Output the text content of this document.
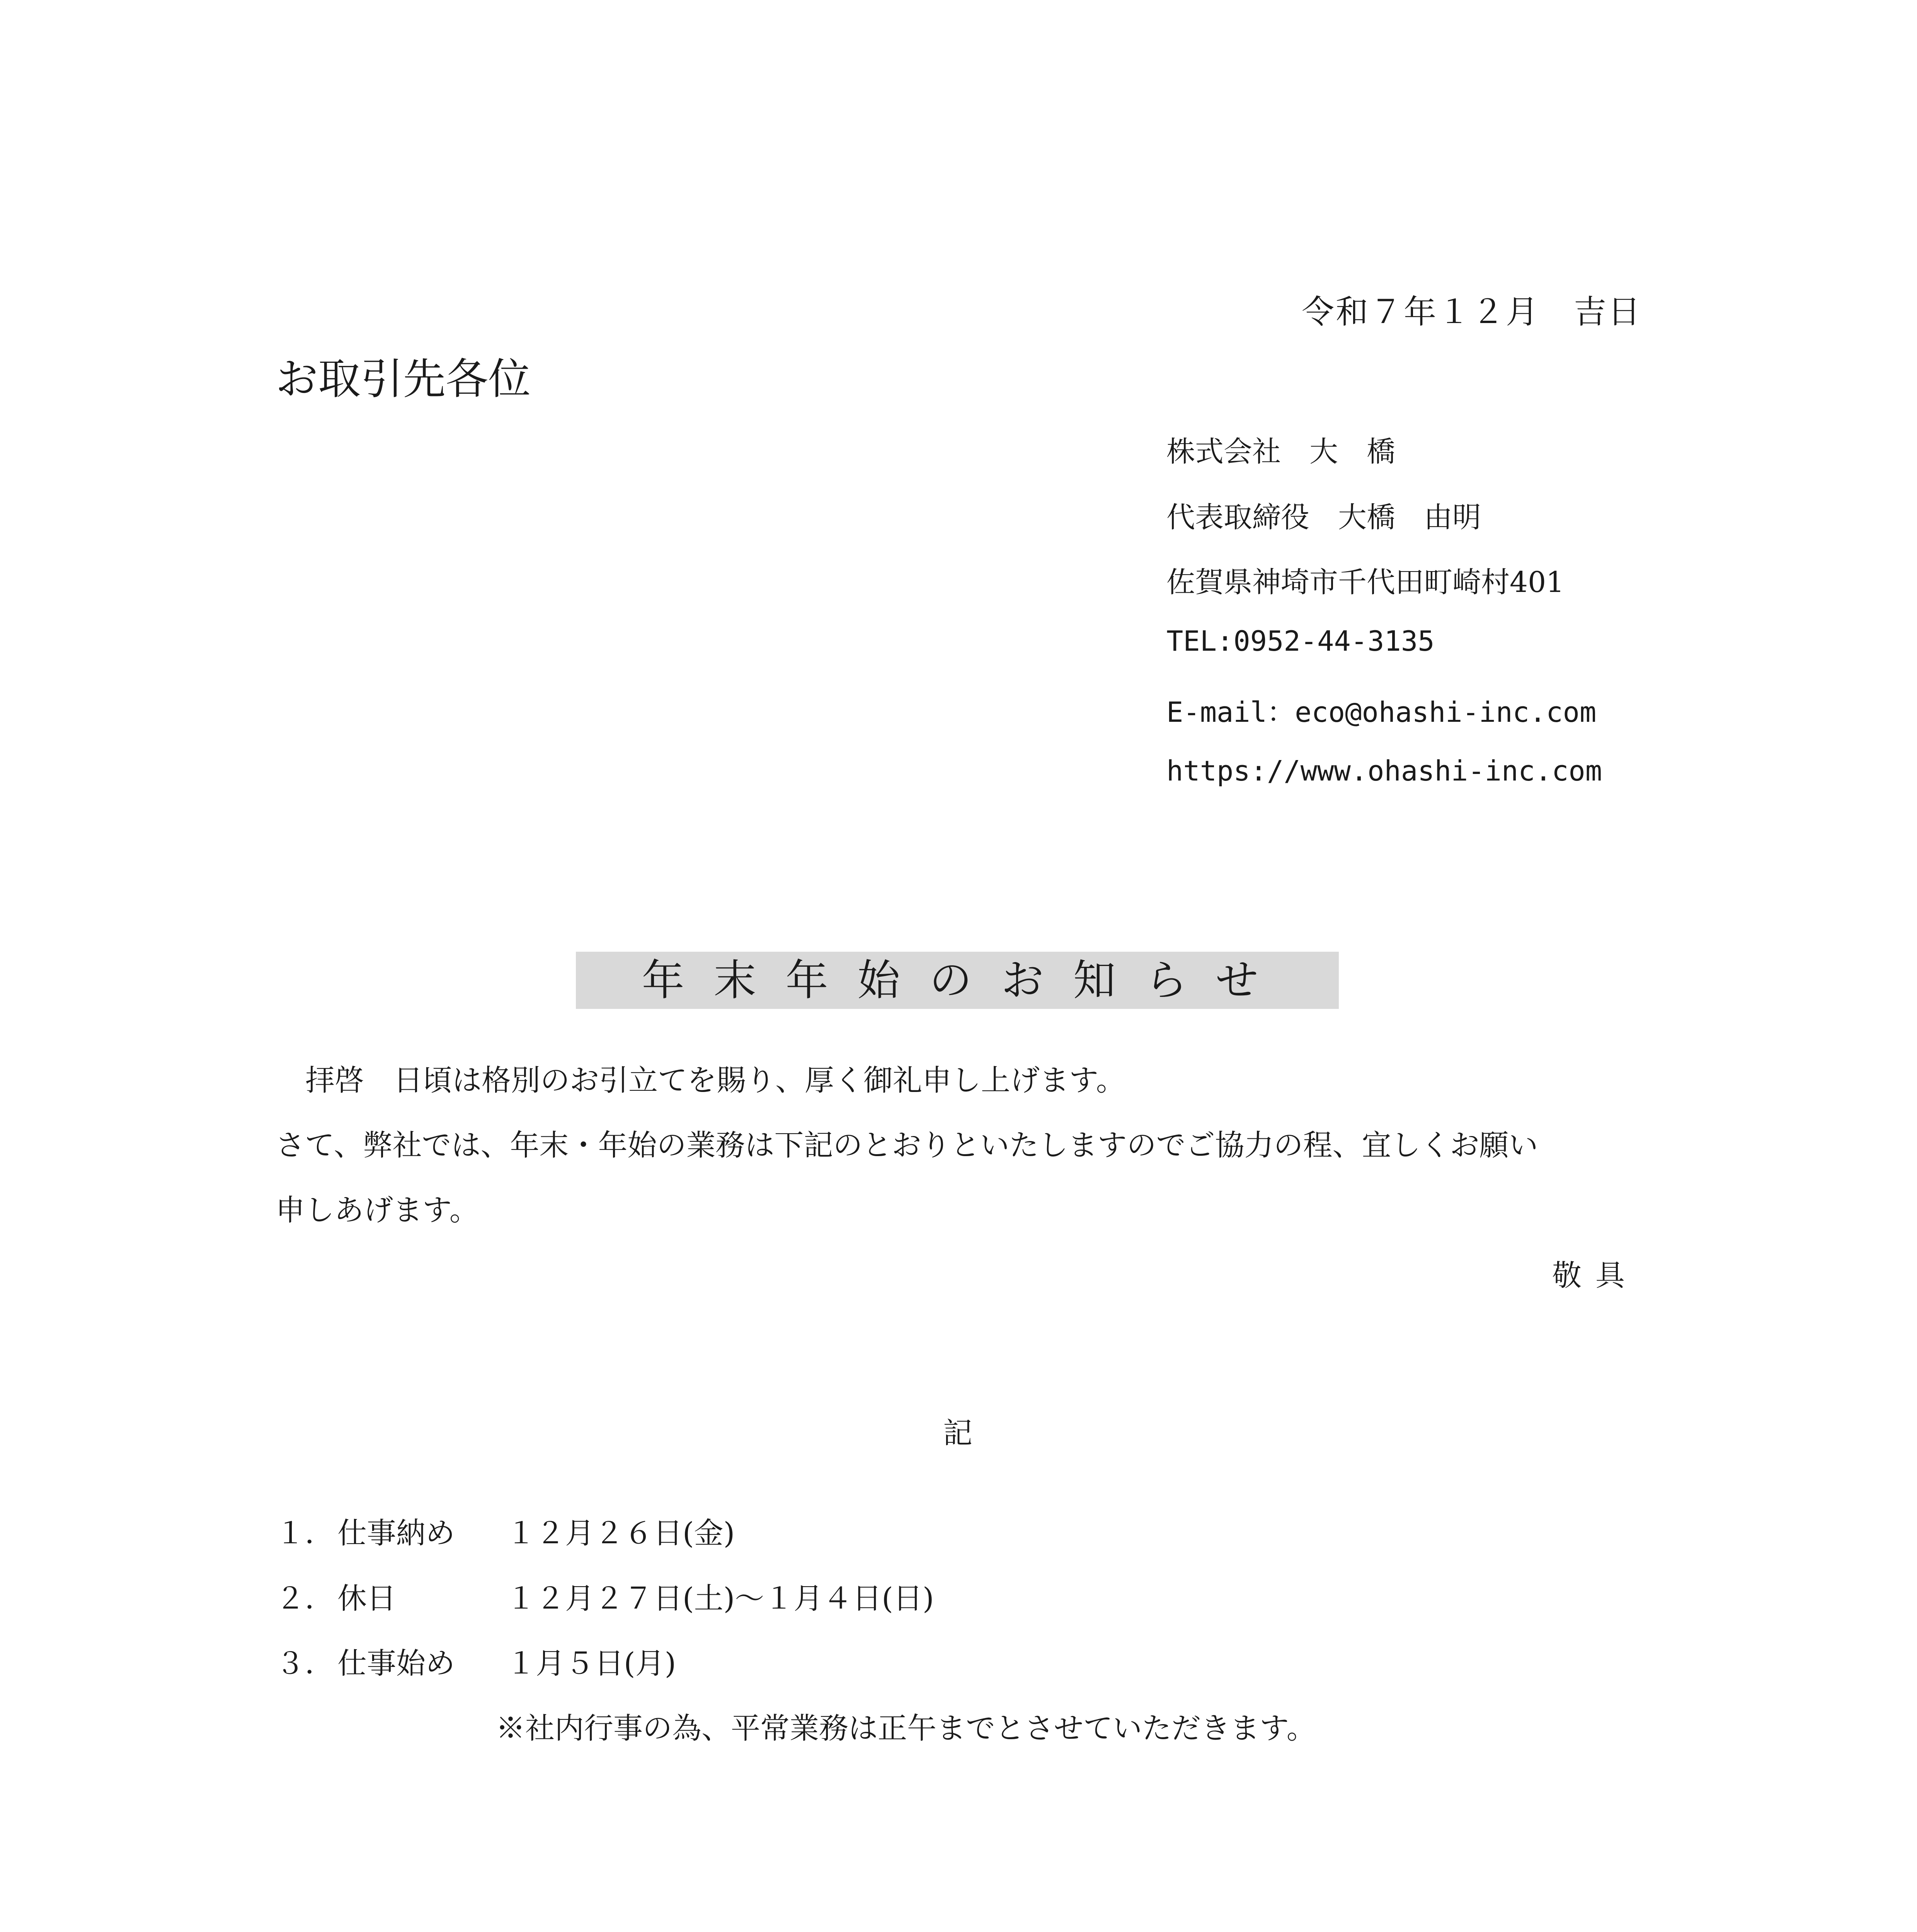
令和７年１２月　吉日

お取引先各位

株式会社　大　橋

代表取締役　大橋　由明

佐賀県神埼市千代田町崎村401

TEL:0952-44-3135

E-mail：eco@ohashi-inc.com

https://www.ohashi-inc.com

年末年始のお知らせ

拝啓　日頃は格別のお引立てを賜り、厚く御礼申し上げます。

さて、弊社では、年末・年始の業務は下記のとおりといたしますのでご協力の程、宜しくお願い

申しあげます。

敬具

記

１． 仕事納め １２月２６日(金)
２． 休日	１２月２７日(土)～１月４日(日)
３． 仕事始め １月５日(月)

※社内行事の為、平常業務は正午までとさせていただきます。
